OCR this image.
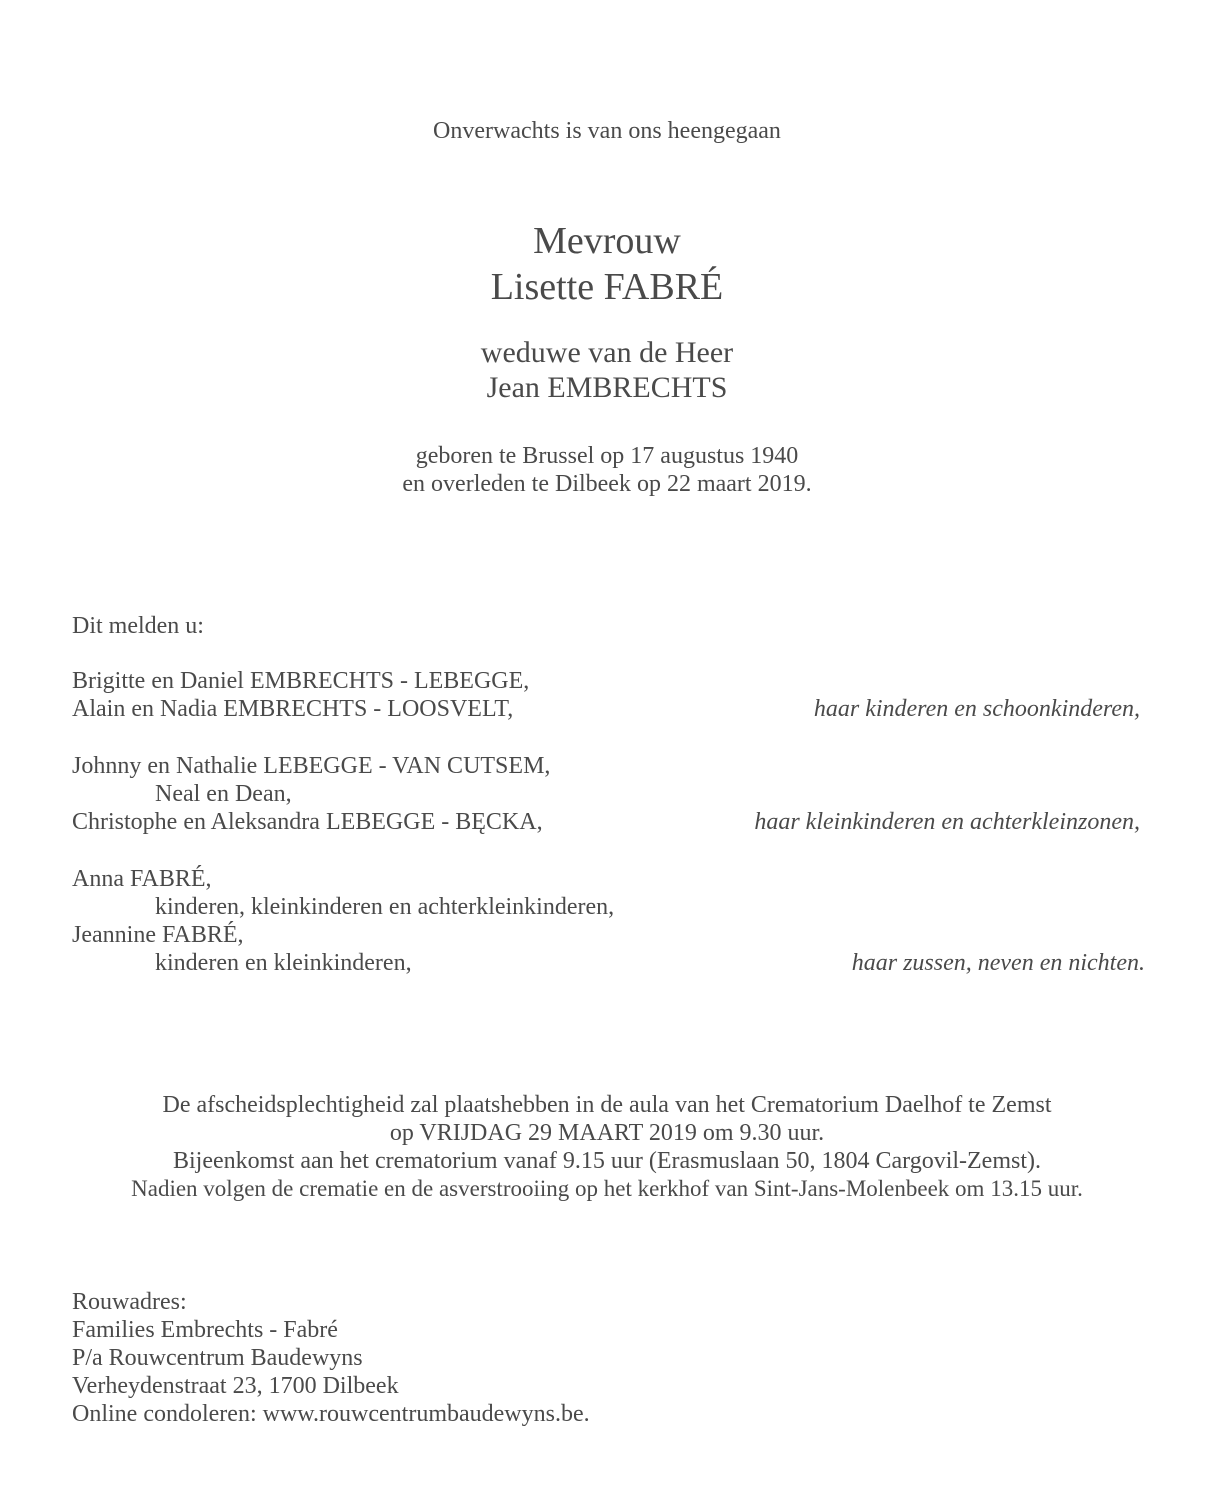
Onverwachts is van ons heengegaan
Mevrouw
Lisette FABRÉ
weduwe van de Heer
Jean EMBRECHTS
geboren te Brussel op 17 augustus 1940
en overleden te Dilbeek op 22 maart 2019.
Dit melden u:
Brigitte en Daniel EMBRECHTS - LEBEGGE,
Alain en Nadia EMBRECHTS - LOOSVELT,	haar kinderen en schoonkinderen,
Johnny en Nathalie LEBEGGE - VAN CUTSEM,
Neal en Dean,
Christophe en Aleksandra LEBEGGE - BĘCKA,	haar kleinkinderen en achterkleinzonen,
Anna FABRÉ,
kinderen, kleinkinderen en achterkleinkinderen,
Jeannine FABRÉ,
kinderen en kleinkinderen,	haar zussen, neven en nichten.
De afscheidsplechtigheid zal plaatshebben in de aula van het Crematorium Daelhof te Zemst
op VRIJDAG 29 MAART 2019 om 9.30 uur.
Bijeenkomst aan het crematorium vanaf 9.15 uur (Erasmuslaan 50, 1804 Cargovil-Zemst).
Nadien volgen de crematie en de asverstrooiing op het kerkhof van Sint-Jans-Molenbeek om 13.15 uur.
Rouwadres:
Families Embrechts - Fabré
P/a Rouwcentrum Baudewyns
Verheydenstraat 23, 1700 Dilbeek
Online condoleren: www.rouwcentrumbaudewyns.be.
